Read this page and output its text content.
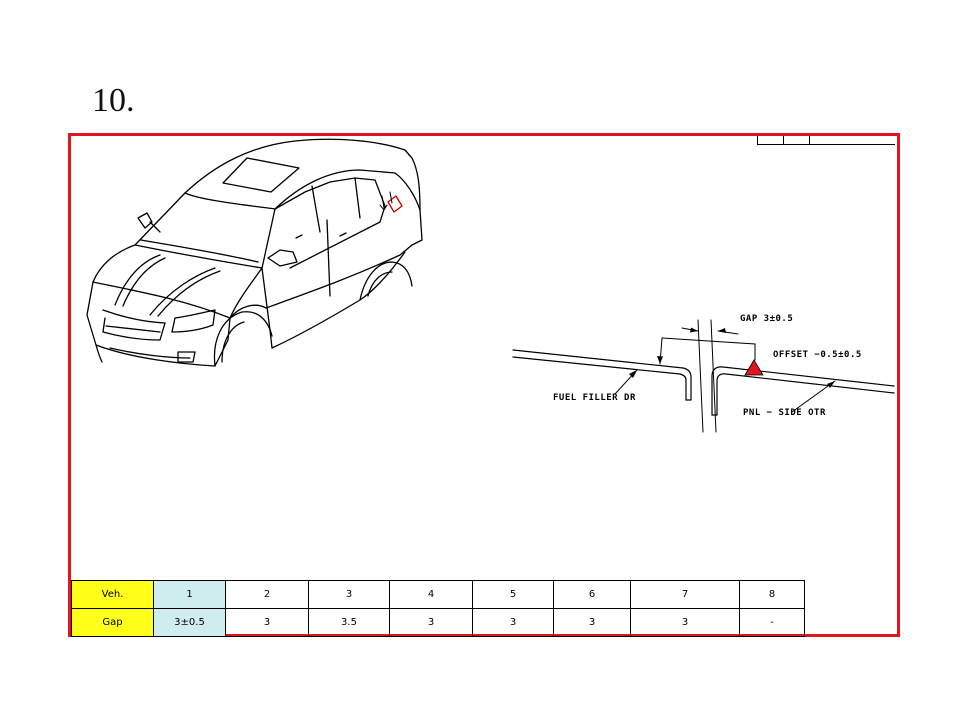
10.
GAP 3±0.5
OFFSET −0.5±0.5
FUEL FILLER DR
PNL − SIDE OTR
Veh.	1	2	3	4	5	6	7	8
Gap	3±0.5	3	3.5	3	3	3	3	-
